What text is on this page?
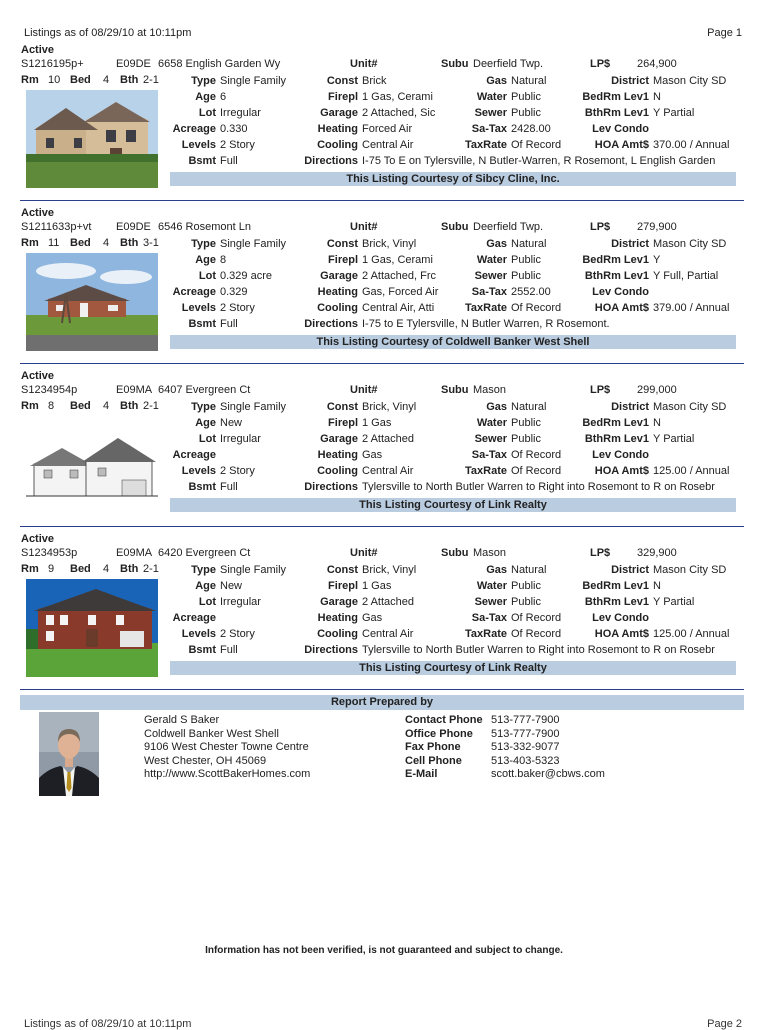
Listings as of 08/29/10 at 10:11pm	Page 1
Active
S1216195p+	E09DE 6658 English Garden Wy	Unit#	Subu Deerfield Twp.	LP$ 264,900
Rm 10 Bed 4 Bth 2-1	Type Single Family	Const Brick	Gas Natural	District Mason City SD
Age 6	Firepl 1 Gas, Cerami	Water Public	BedRm Lev1 N
Lot Irregular	Garage 2 Attached, Sic	Sewer Public	BthRm Lev1 Y Partial
Acreage 0.330	Heating Forced Air	Sa-Tax 2428.00	Lev Condo
Levels 2 Story	Cooling Central Air	TaxRate Of Record	HOA Amt$ 370.00 / Annual
Bsmt Full	Directions I-75 To E on Tylersville, N Butler-Warren, R Rosemont, L English Garden
This Listing Courtesy of Sibcy Cline, Inc.
Active
S1211633p+vt E09DE 6546 Rosemont Ln	Unit#	Subu Deerfield Twp.	LP$ 279,900
Rm 11 Bed 4 Bth 3-1	Type Single Family	Const Brick, Vinyl	Gas Natural	District Mason City SD
Age 8	Firepl 1 Gas, Cerami	Water Public	BedRm Lev1 Y
Lot 0.329 acre	Garage 2 Attached, Frc	Sewer Public	BthRm Lev1 Y Full, Partial
Acreage 0.329	Heating Gas, Forced Air	Sa-Tax 2552.00	Lev Condo
Levels 2 Story	Cooling Central Air, Atti	TaxRate Of Record	HOA Amt$ 379.00 / Annual
Bsmt Full	Directions I-75 to E Tylersville, N Butler Warren, R Rosemont.
This Listing Courtesy of Coldwell Banker West Shell
Active
S1234954p	E09MA 6407 Evergreen Ct	Unit#	Subu Mason	LP$ 299,000
Rm 8 Bed 4 Bth 2-1	Type Single Family	Const Brick, Vinyl	Gas Natural	District Mason City SD
Age New	Firepl 1 Gas	Water Public	BedRm Lev1 N
Lot Irregular	Garage 2 Attached	Sewer Public	BthRm Lev1 Y Partial
Acreage	Heating Gas	Sa-Tax Of Record	Lev Condo
Levels 2 Story	Cooling Central Air	TaxRate Of Record	HOA Amt$ 125.00 / Annual
Bsmt Full	Directions Tylersville to North Butler Warren to Right into Rosemont to R on Rosebr
This Listing Courtesy of Link Realty
Active
S1234953p	E09MA 6420 Evergreen Ct	Unit#	Subu Mason	LP$ 329,900
Rm 9 Bed 4 Bth 2-1	Type Single Family	Const Brick, Vinyl	Gas Natural	District Mason City SD
Age New	Firepl 1 Gas	Water Public	BedRm Lev1 N
Lot Irregular	Garage 2 Attached	Sewer Public	BthRm Lev1 Y Partial
Acreage	Heating Gas	Sa-Tax Of Record	Lev Condo
Levels 2 Story	Cooling Central Air	TaxRate Of Record	HOA Amt$ 125.00 / Annual
Bsmt Full	Directions Tylersville to North Butler Warren to Right into Rosemont to R on Rosebr
This Listing Courtesy of Link Realty
Report Prepared by
Gerald S Baker
Coldwell Banker West Shell
9106 West Chester Towne Centre
West Chester, OH 45069
http://www.ScottBakerHomes.com
Contact Phone 513-777-7900
Office Phone 513-777-7900
Fax Phone	513-332-9077
Cell Phone	513-403-5323
E-Mail	scott.baker@cbws.com
Information has not been verified, is not guaranteed and subject to change.
Listings as of 08/29/10 at 10:11pm	Page 2
